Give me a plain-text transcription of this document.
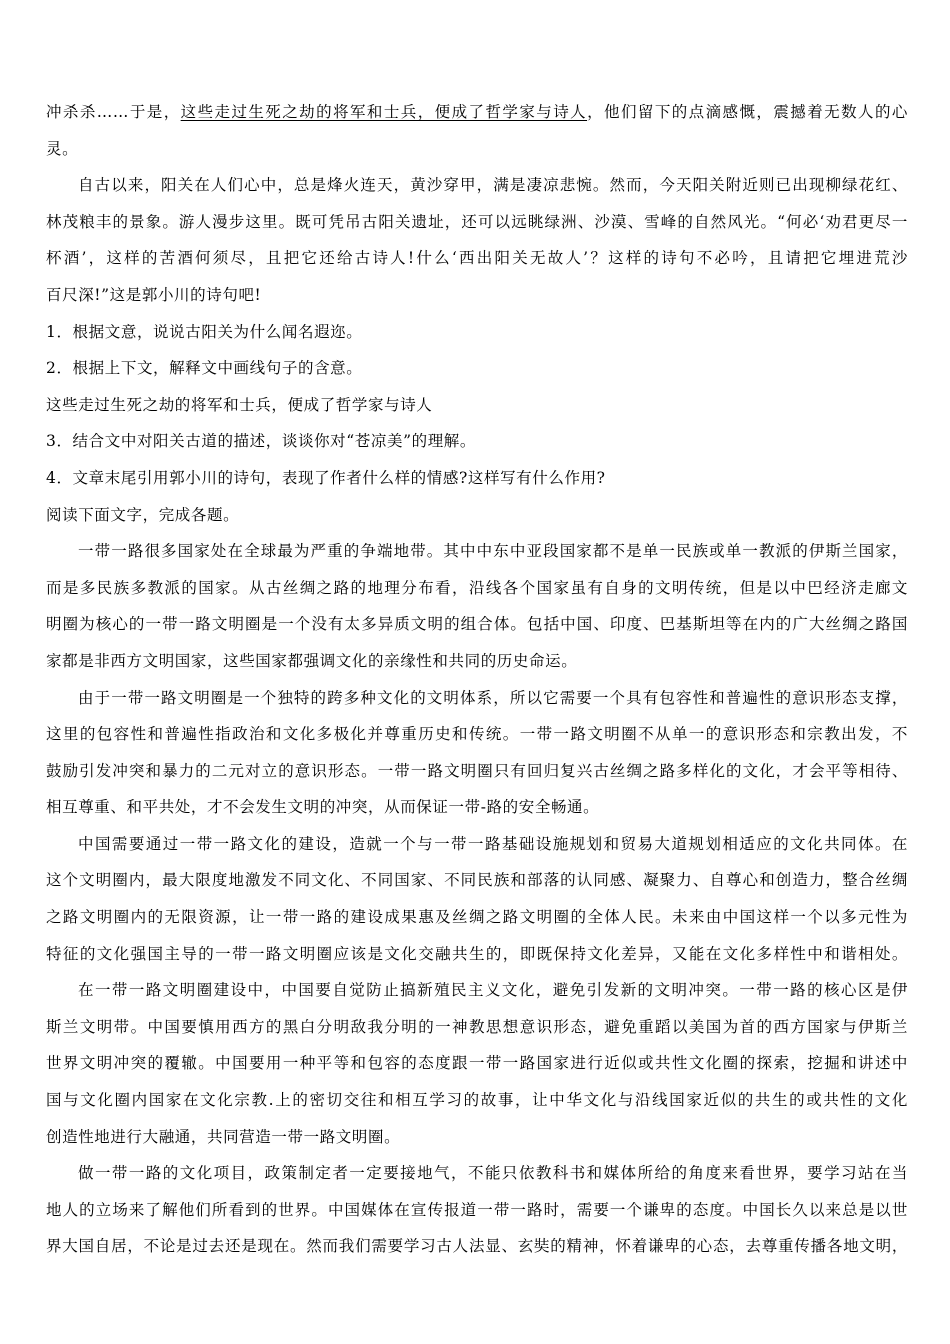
冲杀杀……于是，这些走过生死之劫的将军和士兵，便成了哲学家与诗人，他们留下的点滴感慨，震撼着无数人的心
灵。
自古以来，阳关在人们心中，总是烽火连天，黄沙穿甲，满是凄凉悲惋。然而，今天阳关附近则已出现柳绿花红、
林茂粮丰的景象。游人漫步这里。既可凭吊古阳关遗址，还可以远眺绿洲、沙漠、雪峰的自然风光。“何必‘劝君更尽一
杯酒’，这样的苦酒何须尽，且把它还给古诗人!什么‘西出阳关无故人’？这样的诗句不必吟，且请把它埋进荒沙
百尺深!”这是郭小川的诗句吧!
1．根据文意，说说古阳关为什么闻名遐迩。
2．根据上下文，解释文中画线句子的含意。
这些走过生死之劫的将军和士兵，便成了哲学家与诗人
3．结合文中对阳关古道的描述，谈谈你对“苍凉美”的理解。
4．文章末尾引用郭小川的诗句，表现了作者什么样的情感?这样写有什么作用?
阅读下面文字，完成各题。
一带一路很多国家处在全球最为严重的争端地带。其中中东中亚段国家都不是单一民族或单一教派的伊斯兰国家，
而是多民族多教派的国家。从古丝绸之路的地理分布看，沿线各个国家虽有自身的文明传统，但是以中巴经济走廊文
明圈为核心的一带一路文明圈是一个没有太多异质文明的组合体。包括中国、印度、巴基斯坦等在内的广大丝绸之路国
家都是非西方文明国家，这些国家都强调文化的亲缘性和共同的历史命运。
由于一带一路文明圈是一个独特的跨多种文化的文明体系，所以它需要一个具有包容性和普遍性的意识形态支撑，
这里的包容性和普遍性指政治和文化多极化并尊重历史和传统。一带一路文明圈不从单一的意识形态和宗教出发，不
鼓励引发冲突和暴力的二元对立的意识形态。一带一路文明圈只有回归复兴古丝绸之路多样化的文化，才会平等相待、
相互尊重、和平共处，才不会发生文明的冲突，从而保证一带-路的安全畅通。
中国需要通过一带一路文化的建设，造就一个与一带一路基础设施规划和贸易大道规划相适应的文化共同体。在
这个文明圈内，最大限度地激发不同文化、不同国家、不同民族和部落的认同感、凝聚力、自尊心和创造力，整合丝绸
之路文明圈内的无限资源，让一带一路的建设成果惠及丝绸之路文明圈的全体人民。未来由中国这样一个以多元性为
特征的文化强国主导的一带一路文明圈应该是文化交融共生的，即既保持文化差异，又能在文化多样性中和谐相处。
在一带一路文明圈建设中，中国要自觉防止搞新殖民主义文化，避免引发新的文明冲突。一带一路的核心区是伊
斯兰文明带。中国要慎用西方的黑白分明敌我分明的一神教思想意识形态，避免重蹈以美国为首的西方国家与伊斯兰
世界文明冲突的覆辙。中国要用一种平等和包容的态度跟一带一路国家进行近似或共性文化圈的探索，挖掘和讲述中
国与文化圈内国家在文化宗教.上的密切交往和相互学习的故事，让中华文化与沿线国家近似的共生的或共性的文化
创造性地进行大融通，共同营造一带一路文明圈。
做一带一路的文化项目，政策制定者一定要接地气，不能只依教科书和媒体所给的角度来看世界，要学习站在当
地人的立场来了解他们所看到的世界。中国媒体在宣传报道一带一路时，需要一个谦卑的态度。中国长久以来总是以世
界大国自居，不论是过去还是现在。然而我们需要学习古人法显、玄奘的精神，怀着谦卑的心态，去尊重传播各地文明，
